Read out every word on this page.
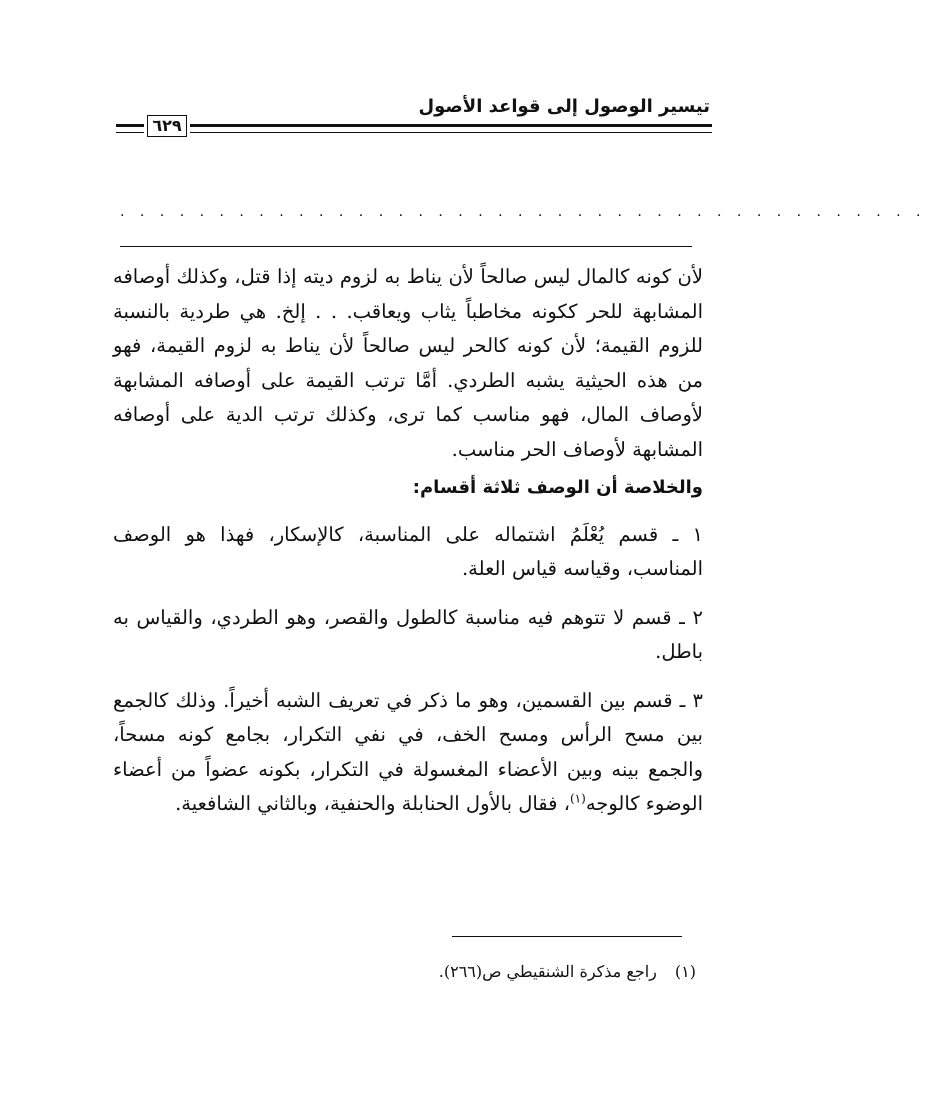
تيسير الوصول إلى قواعد الأصول
٦٢٩
. . . . . . . . . . . . . . . . . . . . . . . . . . . . . . . . . . . . . . . . .

لأن كونه كالمال ليس صالحاً لأن يناط به لزوم ديته إذا قتل، وكذلك أوصافه المشابهة للحر ككونه مخاطباً يثاب ويعاقب. . . إلخ. هي طردية بالنسبة للزوم القيمة؛ لأن كونه كالحر ليس صالحاً لأن يناط به لزوم القيمة، فهو من هذه الحيثية يشبه الطردي. أمَّا ترتب القيمة على أوصافه المشابهة لأوصاف المال، فهو مناسب كما ترى، وكذلك ترتب الدية على أوصافه المشابهة لأوصاف الحر مناسب.

والخلاصة أن الوصف ثلاثة أقسام:

١ ـ قسم يُعْلَمُ اشتماله على المناسبة، كالإسكار، فهذا هو الوصف المناسب، وقياسه قياس العلة.

٢ ـ قسم لا تتوهم فيه مناسبة كالطول والقصر، وهو الطردي، والقياس به باطل.

٣ ـ قسم بين القسمين، وهو ما ذكر في تعريف الشبه أخيراً. وذلك كالجمع بين مسح الرأس ومسح الخف، في نفي التكرار، بجامع كونه مسحاً، والجمع بينه وبين الأعضاء المغسولة في التكرار، بكونه عضواً من أعضاء الوضوء كالوجه$^{(١)}$، فقال بالأول الحنابلة والحنفية، وبالثاني الشافعية.

(١)راجع مذكرة الشنقيطي ص(٢٦٦).
